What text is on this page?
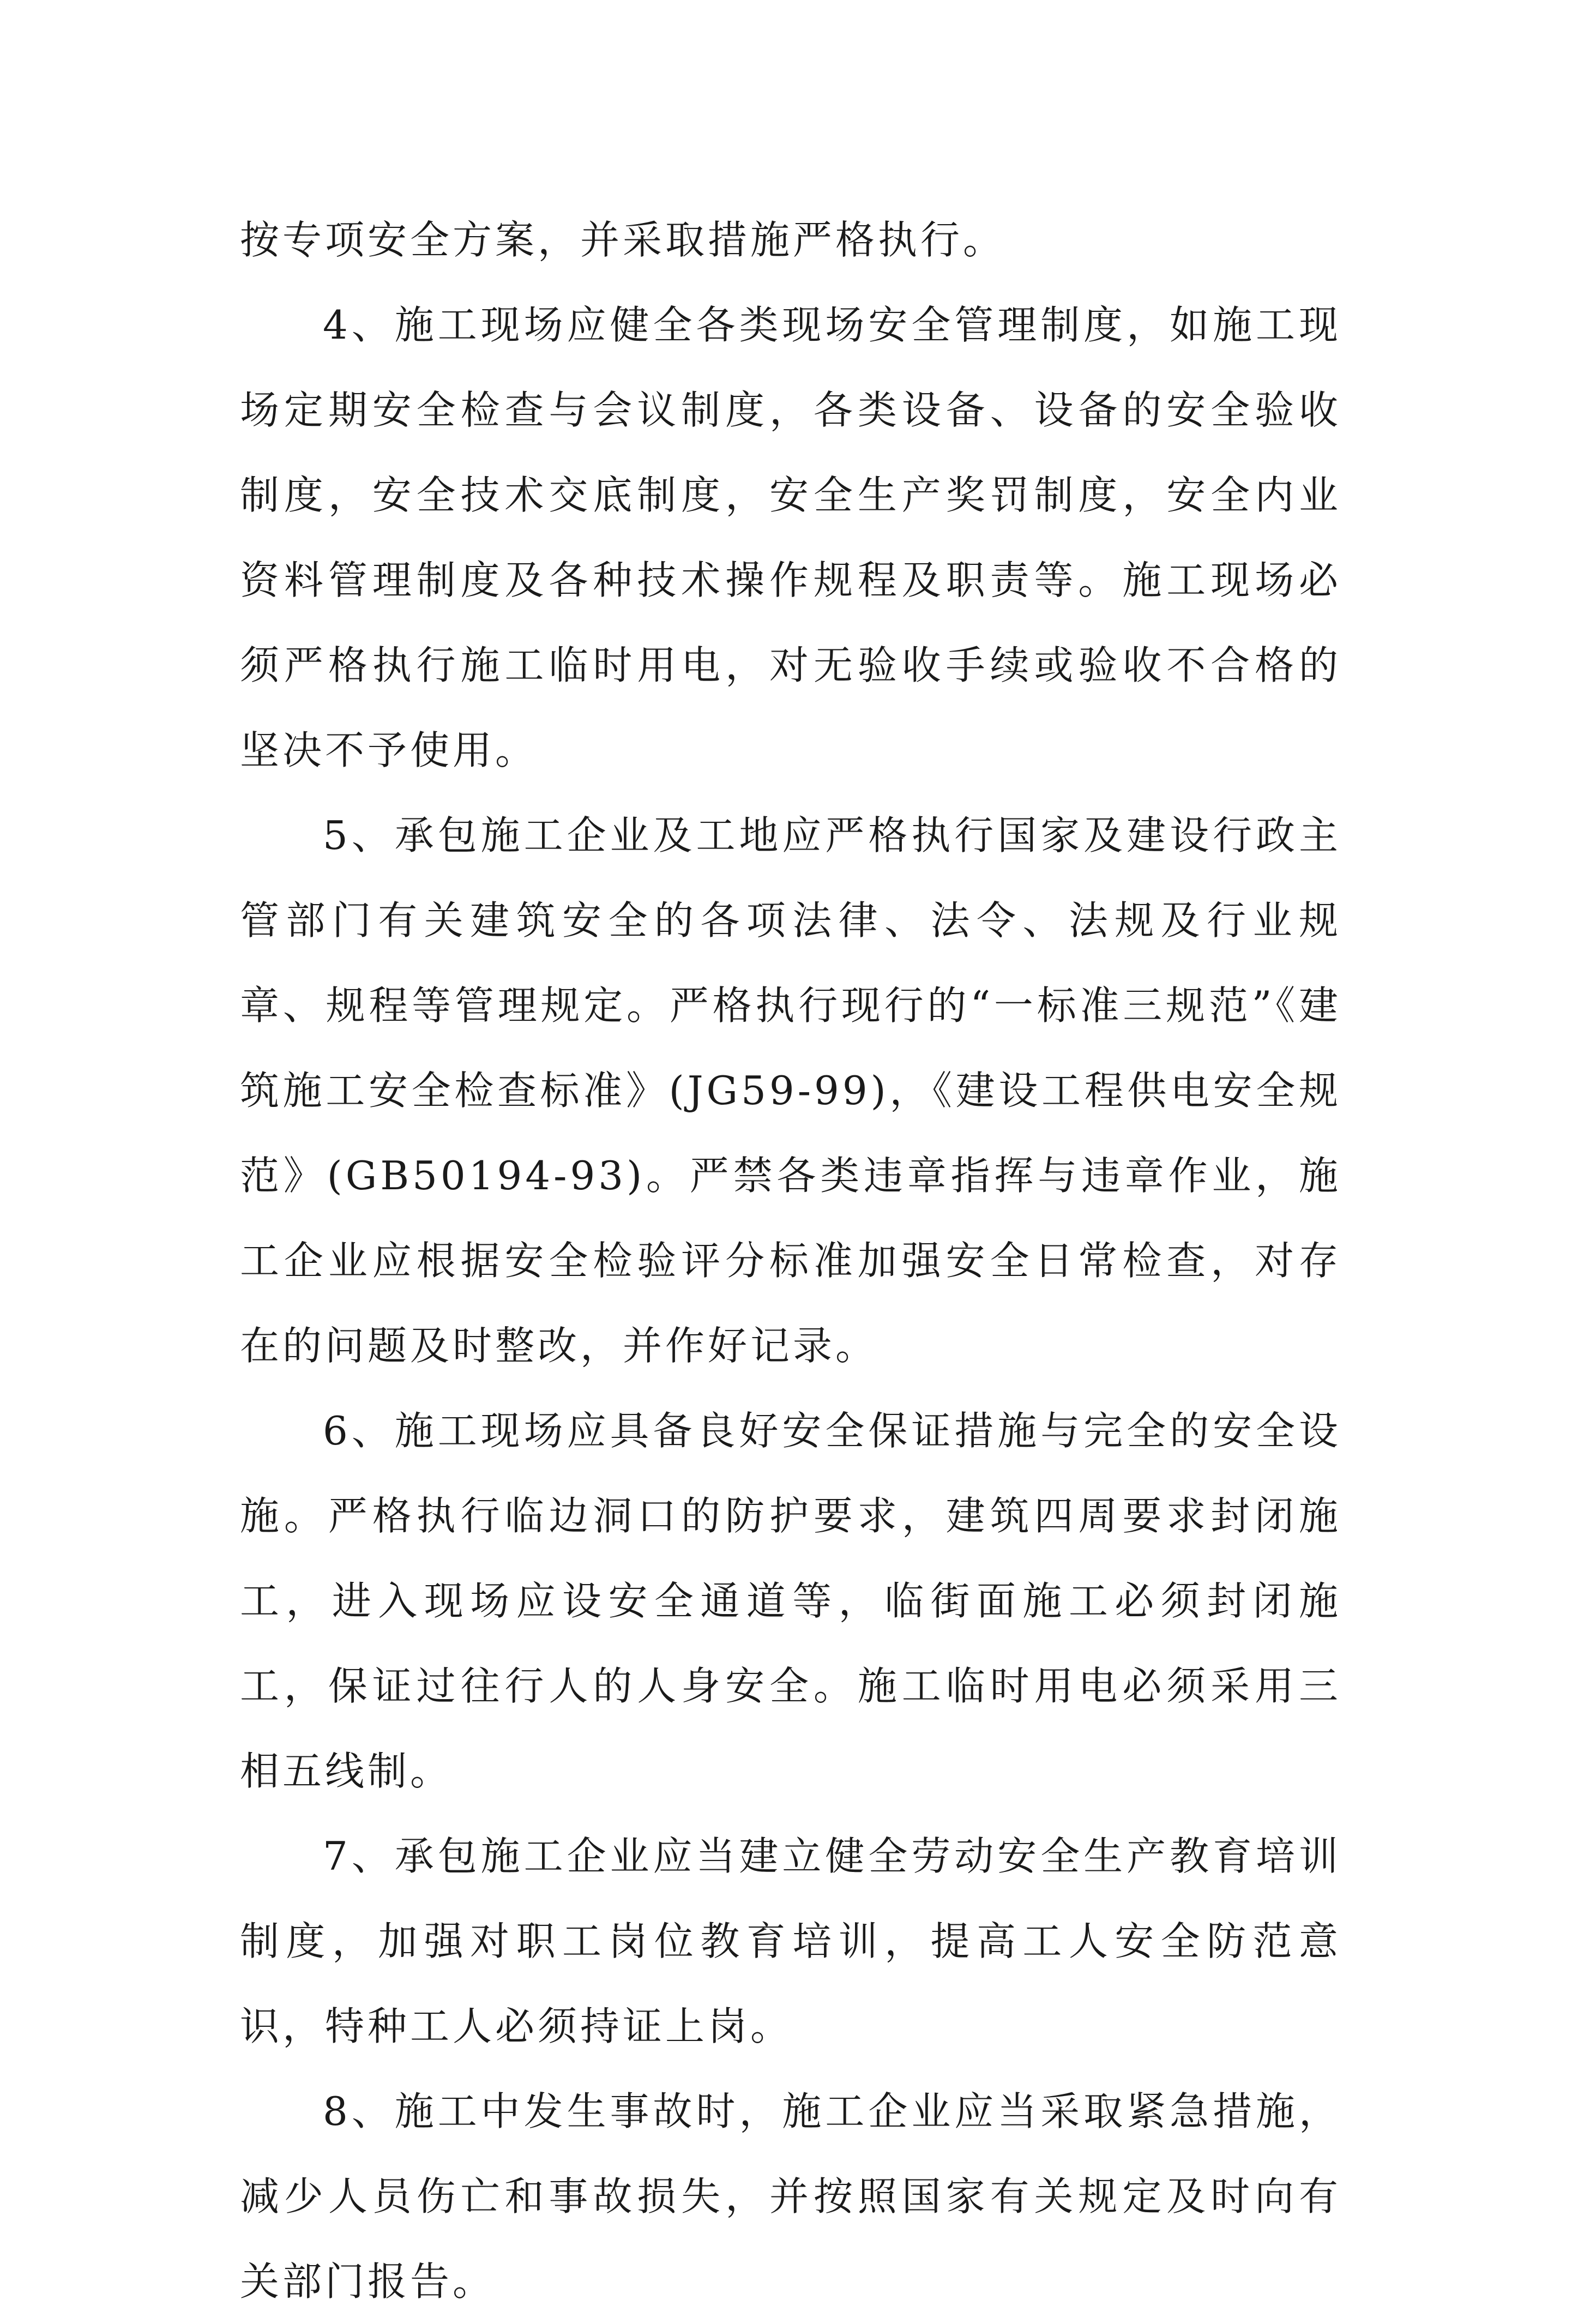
按专项安全方案，并采取措施严格执行。

4、施工现场应健全各类现场安全管理制度，如施工现场定期安全检查与会议制度，各类设备、设备的安全验收制度，安全技术交底制度，安全生产奖罚制度，安全内业资料管理制度及各种技术操作规程及职责等。施工现场必须严格执行施工临时用电，对无验收手续或验收不合格的坚决不予使用。

5、承包施工企业及工地应严格执行国家及建设行政主管部门有关建筑安全的各项法律、法令、法规及行业规章、规程等管理规定。严格执行现行的“一标准三规范”《建筑施工安全检查标准》(JG59-99)，《建设工程供电安全规范》(GB50194-93)。严禁各类违章指挥与违章作业，施工企业应根据安全检验评分标准加强安全日常检查，对存在的问题及时整改，并作好记录。

6、施工现场应具备良好安全保证措施与完全的安全设施。严格执行临边洞口的防护要求，建筑四周要求封闭施工，进入现场应设安全通道等，临街面施工必须封闭施工，保证过往行人的人身安全。施工临时用电必须采用三相五线制。

7、承包施工企业应当建立健全劳动安全生产教育培训制度，加强对职工岗位教育培训，提高工人安全防范意识，特种工人必须持证上岗。

8、施工中发生事故时，施工企业应当采取紧急措施，减少人员伤亡和事故损失，并按照国家有关规定及时向有关部门报告。
